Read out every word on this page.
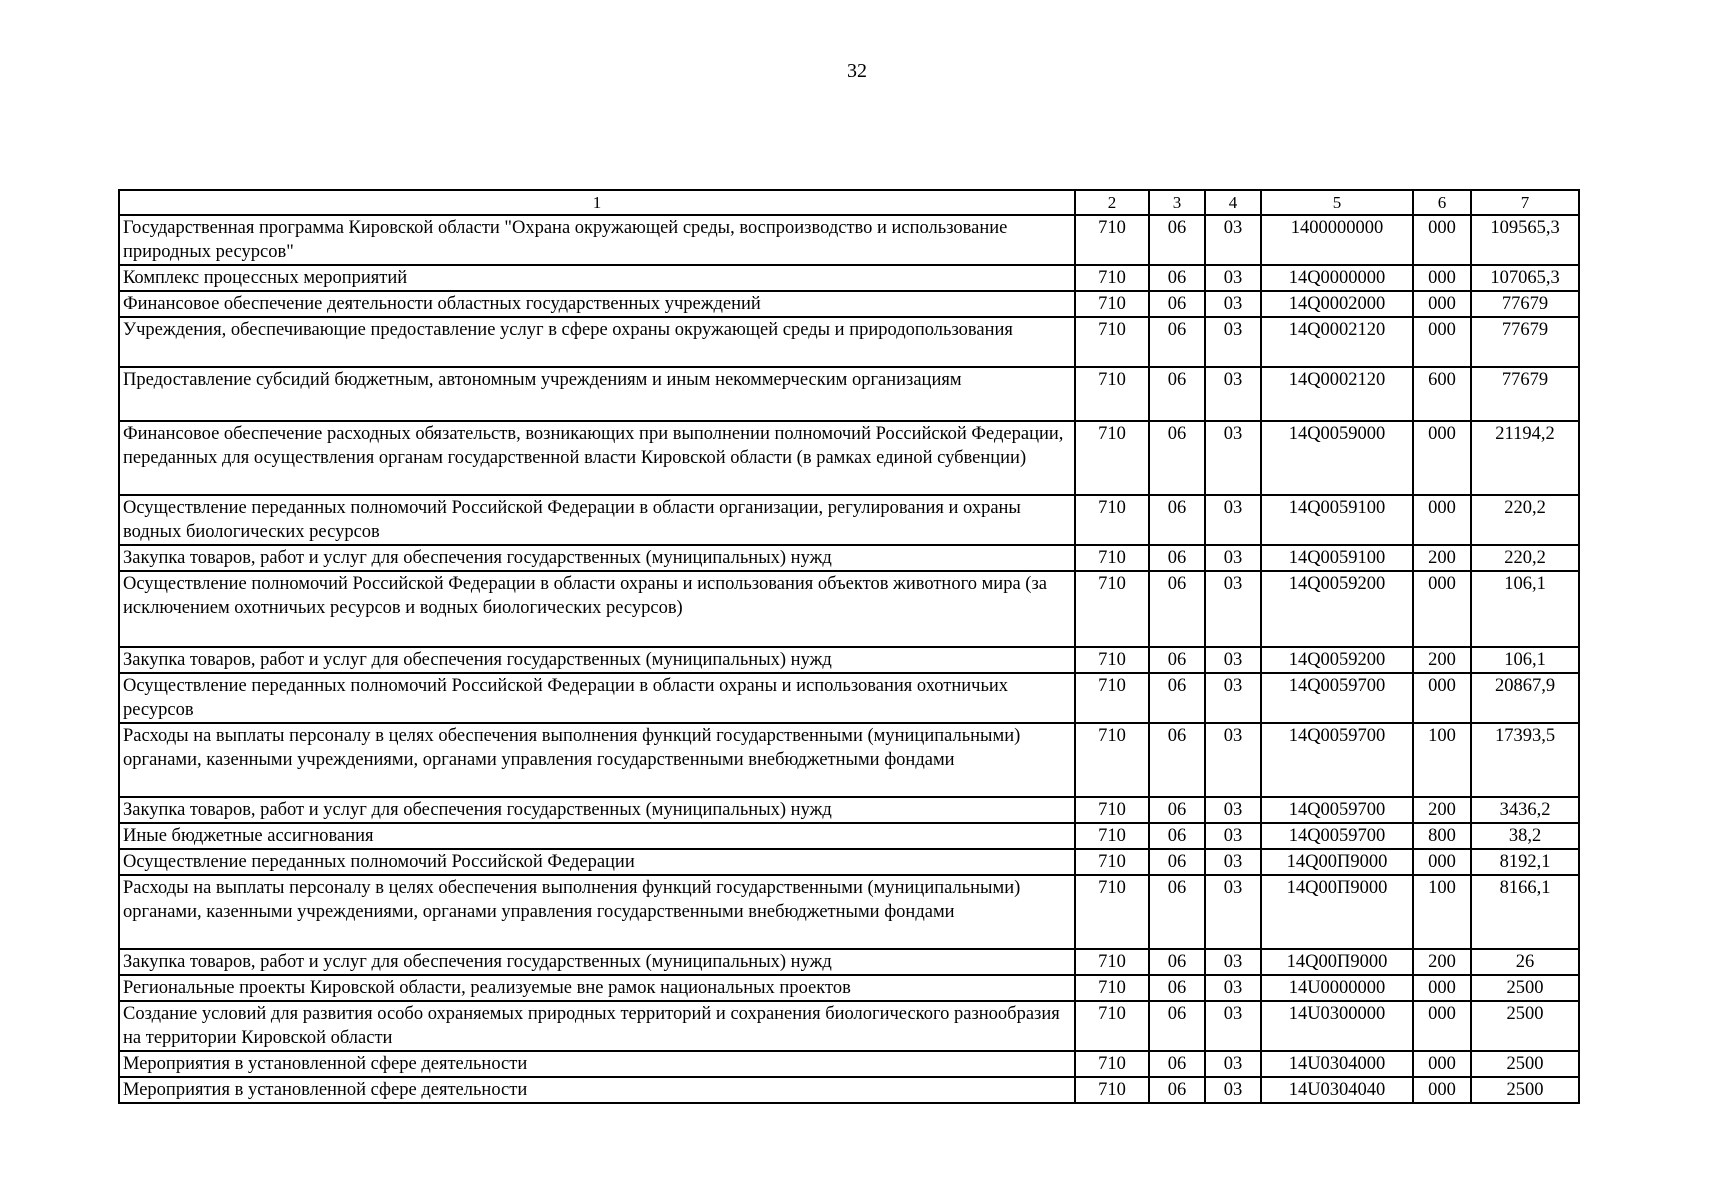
32
1	2	3	4	5	6	7
Государственная программа Кировской области "Охрана окружающей среды, воспроизводство и использование природных ресурсов"	710	06	03	1400000000	000	109565,3
Комплекс процессных мероприятий	710	06	03	14Q0000000	000	107065,3
Финансовое обеспечение деятельности областных государственных учреждений	710	06	03	14Q0002000	000	77679
Учреждения, обеспечивающие предоставление услуг в сфере охраны окружающей среды и природопользования	710	06	03	14Q0002120	000	77679
Предоставление субсидий бюджетным, автономным учреждениям и иным некоммерческим организациям	710	06	03	14Q0002120	600	77679
Финансовое обеспечение расходных обязательств, возникающих при выполнении полномочий Российской Федерации, переданных для осуществления органам государственной власти Кировской области (в рамках единой субвенции)	710	06	03	14Q0059000	000	21194,2
Осуществление переданных полномочий Российской Федерации в области организации, регулирования и охраны водных биологических ресурсов	710	06	03	14Q0059100	000	220,2
Закупка товаров, работ и услуг для обеспечения государственных (муниципальных) нужд	710	06	03	14Q0059100	200	220,2
Осуществление полномочий Российской Федерации в области охраны и использования объектов животного мира (за исключением охотничьих ресурсов и водных биологических ресурсов)	710	06	03	14Q0059200	000	106,1
Закупка товаров, работ и услуг для обеспечения государственных (муниципальных) нужд	710	06	03	14Q0059200	200	106,1
Осуществление переданных полномочий Российской Федерации в области охраны и использования охотничьих ресурсов	710	06	03	14Q0059700	000	20867,9
Расходы на выплаты персоналу в целях обеспечения выполнения функций государственными (муниципальными) органами, казенными учреждениями, органами управления государственными внебюджетными фондами	710	06	03	14Q0059700	100	17393,5
Закупка товаров, работ и услуг для обеспечения государственных (муниципальных) нужд	710	06	03	14Q0059700	200	3436,2
Иные бюджетные ассигнования	710	06	03	14Q0059700	800	38,2
Осуществление переданных полномочий Российской Федерации	710	06	03	14Q00П9000	000	8192,1
Расходы на выплаты персоналу в целях обеспечения выполнения функций государственными (муниципальными) органами, казенными учреждениями, органами управления государственными внебюджетными фондами	710	06	03	14Q00П9000	100	8166,1
Закупка товаров, работ и услуг для обеспечения государственных (муниципальных) нужд	710	06	03	14Q00П9000	200	26
Региональные проекты Кировской области, реализуемые вне рамок национальных проектов	710	06	03	14U0000000	000	2500
Создание условий для развития особо охраняемых природных территорий и сохранения биологического разнообразия на территории Кировской области	710	06	03	14U0300000	000	2500
Мероприятия в установленной сфере деятельности	710	06	03	14U0304000	000	2500
Мероприятия в установленной сфере деятельности	710	06	03	14U0304040	000	2500
